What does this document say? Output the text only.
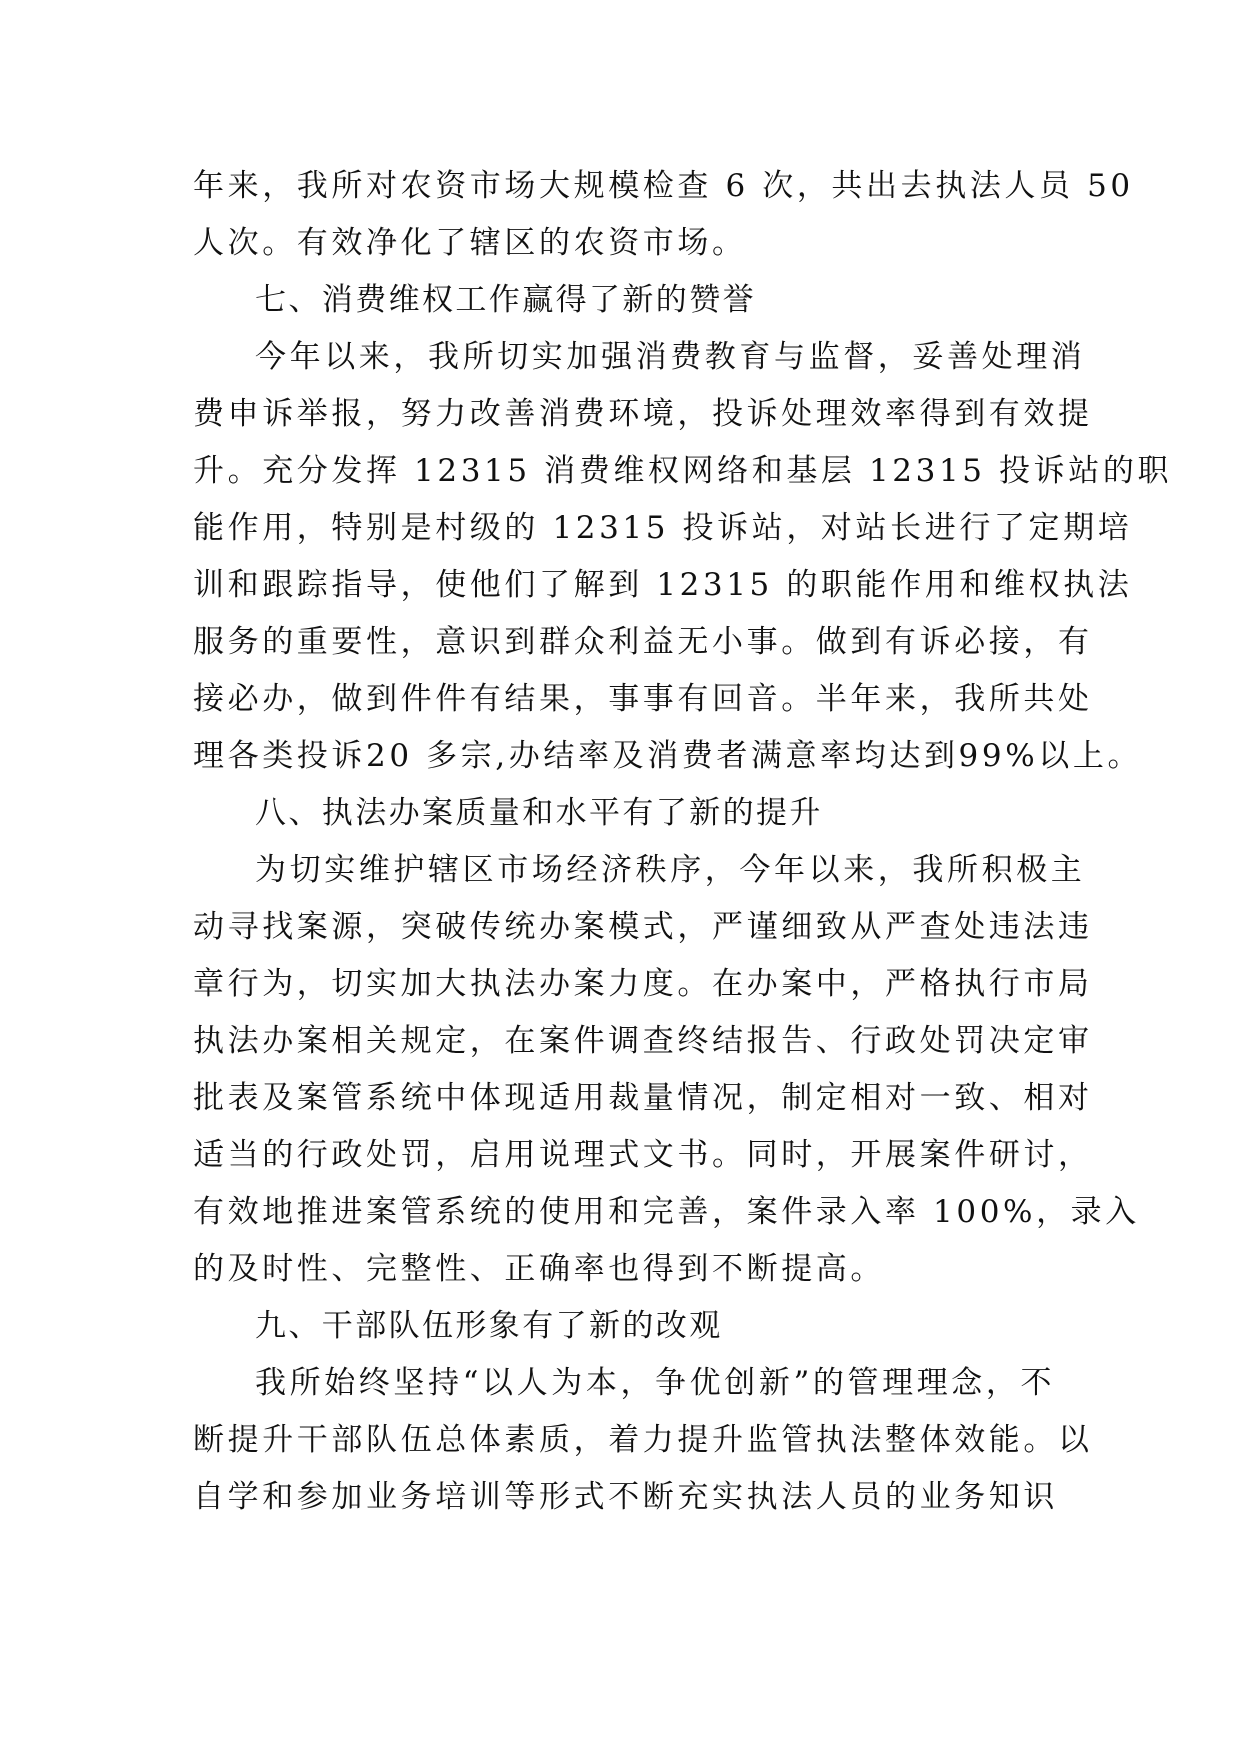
年来，我所对农资市场大规模检查 6 次，共出去执法人员 50
人次。有效净化了辖区的农资市场。
七、消费维权工作赢得了新的赞誉
今年以来，我所切实加强消费教育与监督，妥善处理消
费申诉举报，努力改善消费环境，投诉处理效率得到有效提
升。充分发挥 12315 消费维权网络和基层 12315 投诉站的职
能作用，特别是村级的 12315 投诉站，对站长进行了定期培
训和跟踪指导，使他们了解到 12315 的职能作用和维权执法
服务的重要性，意识到群众利益无小事。做到有诉必接，有
接必办，做到件件有结果，事事有回音。半年来，我所共处
理各类投诉20 多宗,办结率及消费者满意率均达到99%以上。
八、执法办案质量和水平有了新的提升
为切实维护辖区市场经济秩序，今年以来，我所积极主
动寻找案源，突破传统办案模式，严谨细致从严查处违法违
章行为，切实加大执法办案力度。在办案中，严格执行市局
执法办案相关规定，在案件调查终结报告、行政处罚决定审
批表及案管系统中体现适用裁量情况，制定相对一致、相对
适当的行政处罚，启用说理式文书。同时，开展案件研讨，
有效地推进案管系统的使用和完善，案件录入率 100%，录入
的及时性、完整性、正确率也得到不断提高。
九、干部队伍形象有了新的改观
我所始终坚持“以人为本，争优创新”的管理理念，不
断提升干部队伍总体素质，着力提升监管执法整体效能。以
自学和参加业务培训等形式不断充实执法人员的业务知识
